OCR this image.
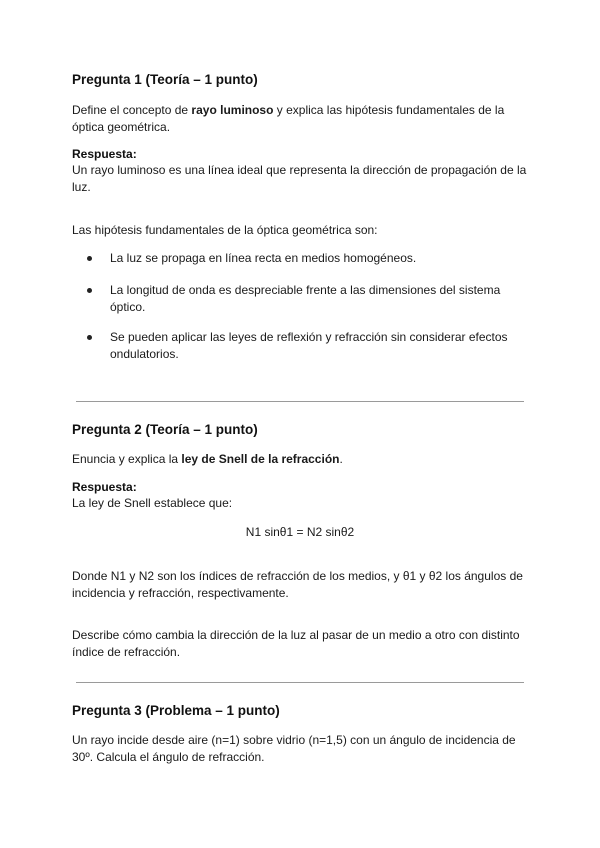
Pregunta 1 (Teoría – 1 punto)
Define el concepto de rayo luminoso y explica las hipótesis fundamentales de la óptica geométrica.
Respuesta:
Un rayo luminoso es una línea ideal que representa la dirección de propagación de la luz.
Las hipótesis fundamentales de la óptica geométrica son:
La luz se propaga en línea recta en medios homogéneos.
La longitud de onda es despreciable frente a las dimensiones del sistema óptico.
Se pueden aplicar las leyes de reflexión y refracción sin considerar efectos ondulatorios.
Pregunta 2 (Teoría – 1 punto)
Enuncia y explica la ley de Snell de la refracción.
Respuesta:
La ley de Snell establece que:
N1 sinθ1 = N2 sinθ2
Donde N1 y N2 son los índices de refracción de los medios, y θ1 y θ2 los ángulos de incidencia y refracción, respectivamente.
Describe cómo cambia la dirección de la luz al pasar de un medio a otro con distinto índice de refracción.
Pregunta 3 (Problema – 1 punto)
Un rayo incide desde aire (n=1) sobre vidrio (n=1,5) con un ángulo de incidencia de 30º. Calcula el ángulo de refracción.
